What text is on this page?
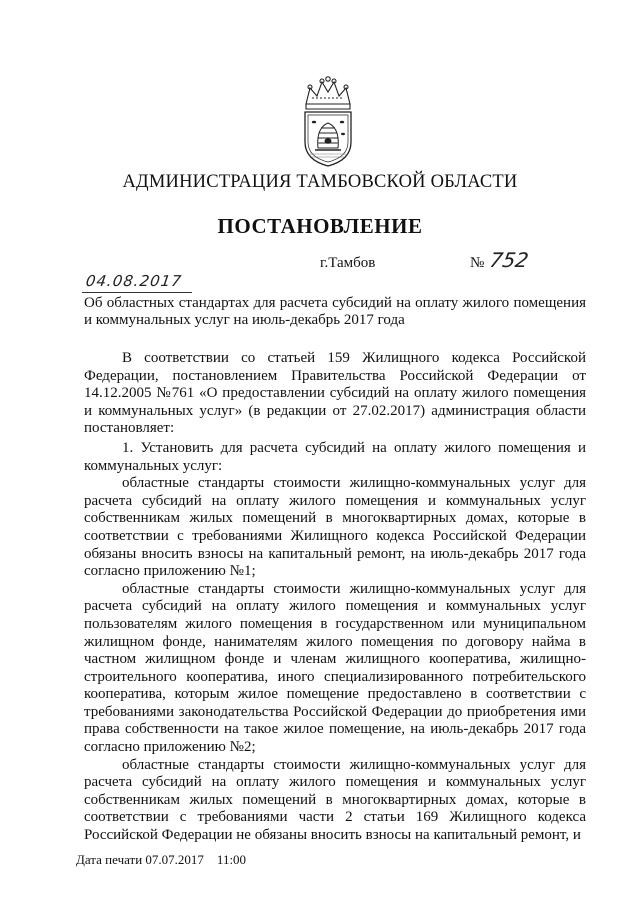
АДМИНИСТРАЦИЯ ТАМБОВСКОЙ ОБЛАСТИ
ПОСТАНОВЛЕНИЕ
г.Тамбов	№ 752
04.08.2017
Об областных стандартах для расчета субсидий на оплату жилого помещения и коммунальных услуг на июль-декабрь 2017 года

В соответствии со статьей 159 Жилищного кодекса Российской Федерации, постановлением Правительства Российской Федерации от 14.12.2005 №761 «О предоставлении субсидий на оплату жилого помещения и коммунальных услуг» (в редакции от 27.02.2017) администрация области постановляет:

1. Установить для расчета субсидий на оплату жилого помещения и коммунальных услуг:

областные стандарты стоимости жилищно-коммунальных услуг для расчета субсидий на оплату жилого помещения и коммунальных услуг собственникам жилых помещений в многоквартирных домах, которые в соответствии с требованиями Жилищного кодекса Российской Федерации обязаны вносить взносы на капитальный ремонт, на июль-декабрь 2017 года согласно приложению №1;

областные стандарты стоимости жилищно-коммунальных услуг для расчета субсидий на оплату жилого помещения и коммунальных услуг пользователям жилого помещения в государственном или муниципальном жилищном фонде, нанимателям жилого помещения по договору найма в частном жилищном фонде и членам жилищного кооператива, жилищно-строительного кооператива, иного специализированного потребительского кооператива, которым жилое помещение предоставлено в соответствии с требованиями законодательства Российской Федерации до приобретения ими права собственности на такое жилое помещение, на июль-декабрь 2017 года согласно приложению №2;

областные стандарты стоимости жилищно-коммунальных услуг для расчета субсидий на оплату жилого помещения и коммунальных услуг собственникам жилых помещений в многоквартирных домах, которые в соответствии с требованиями части 2 статьи 169 Жилищного кодекса Российской Федерации не обязаны вносить взносы на капитальный ремонт, и

Дата печати 07.07.2017    11:00
